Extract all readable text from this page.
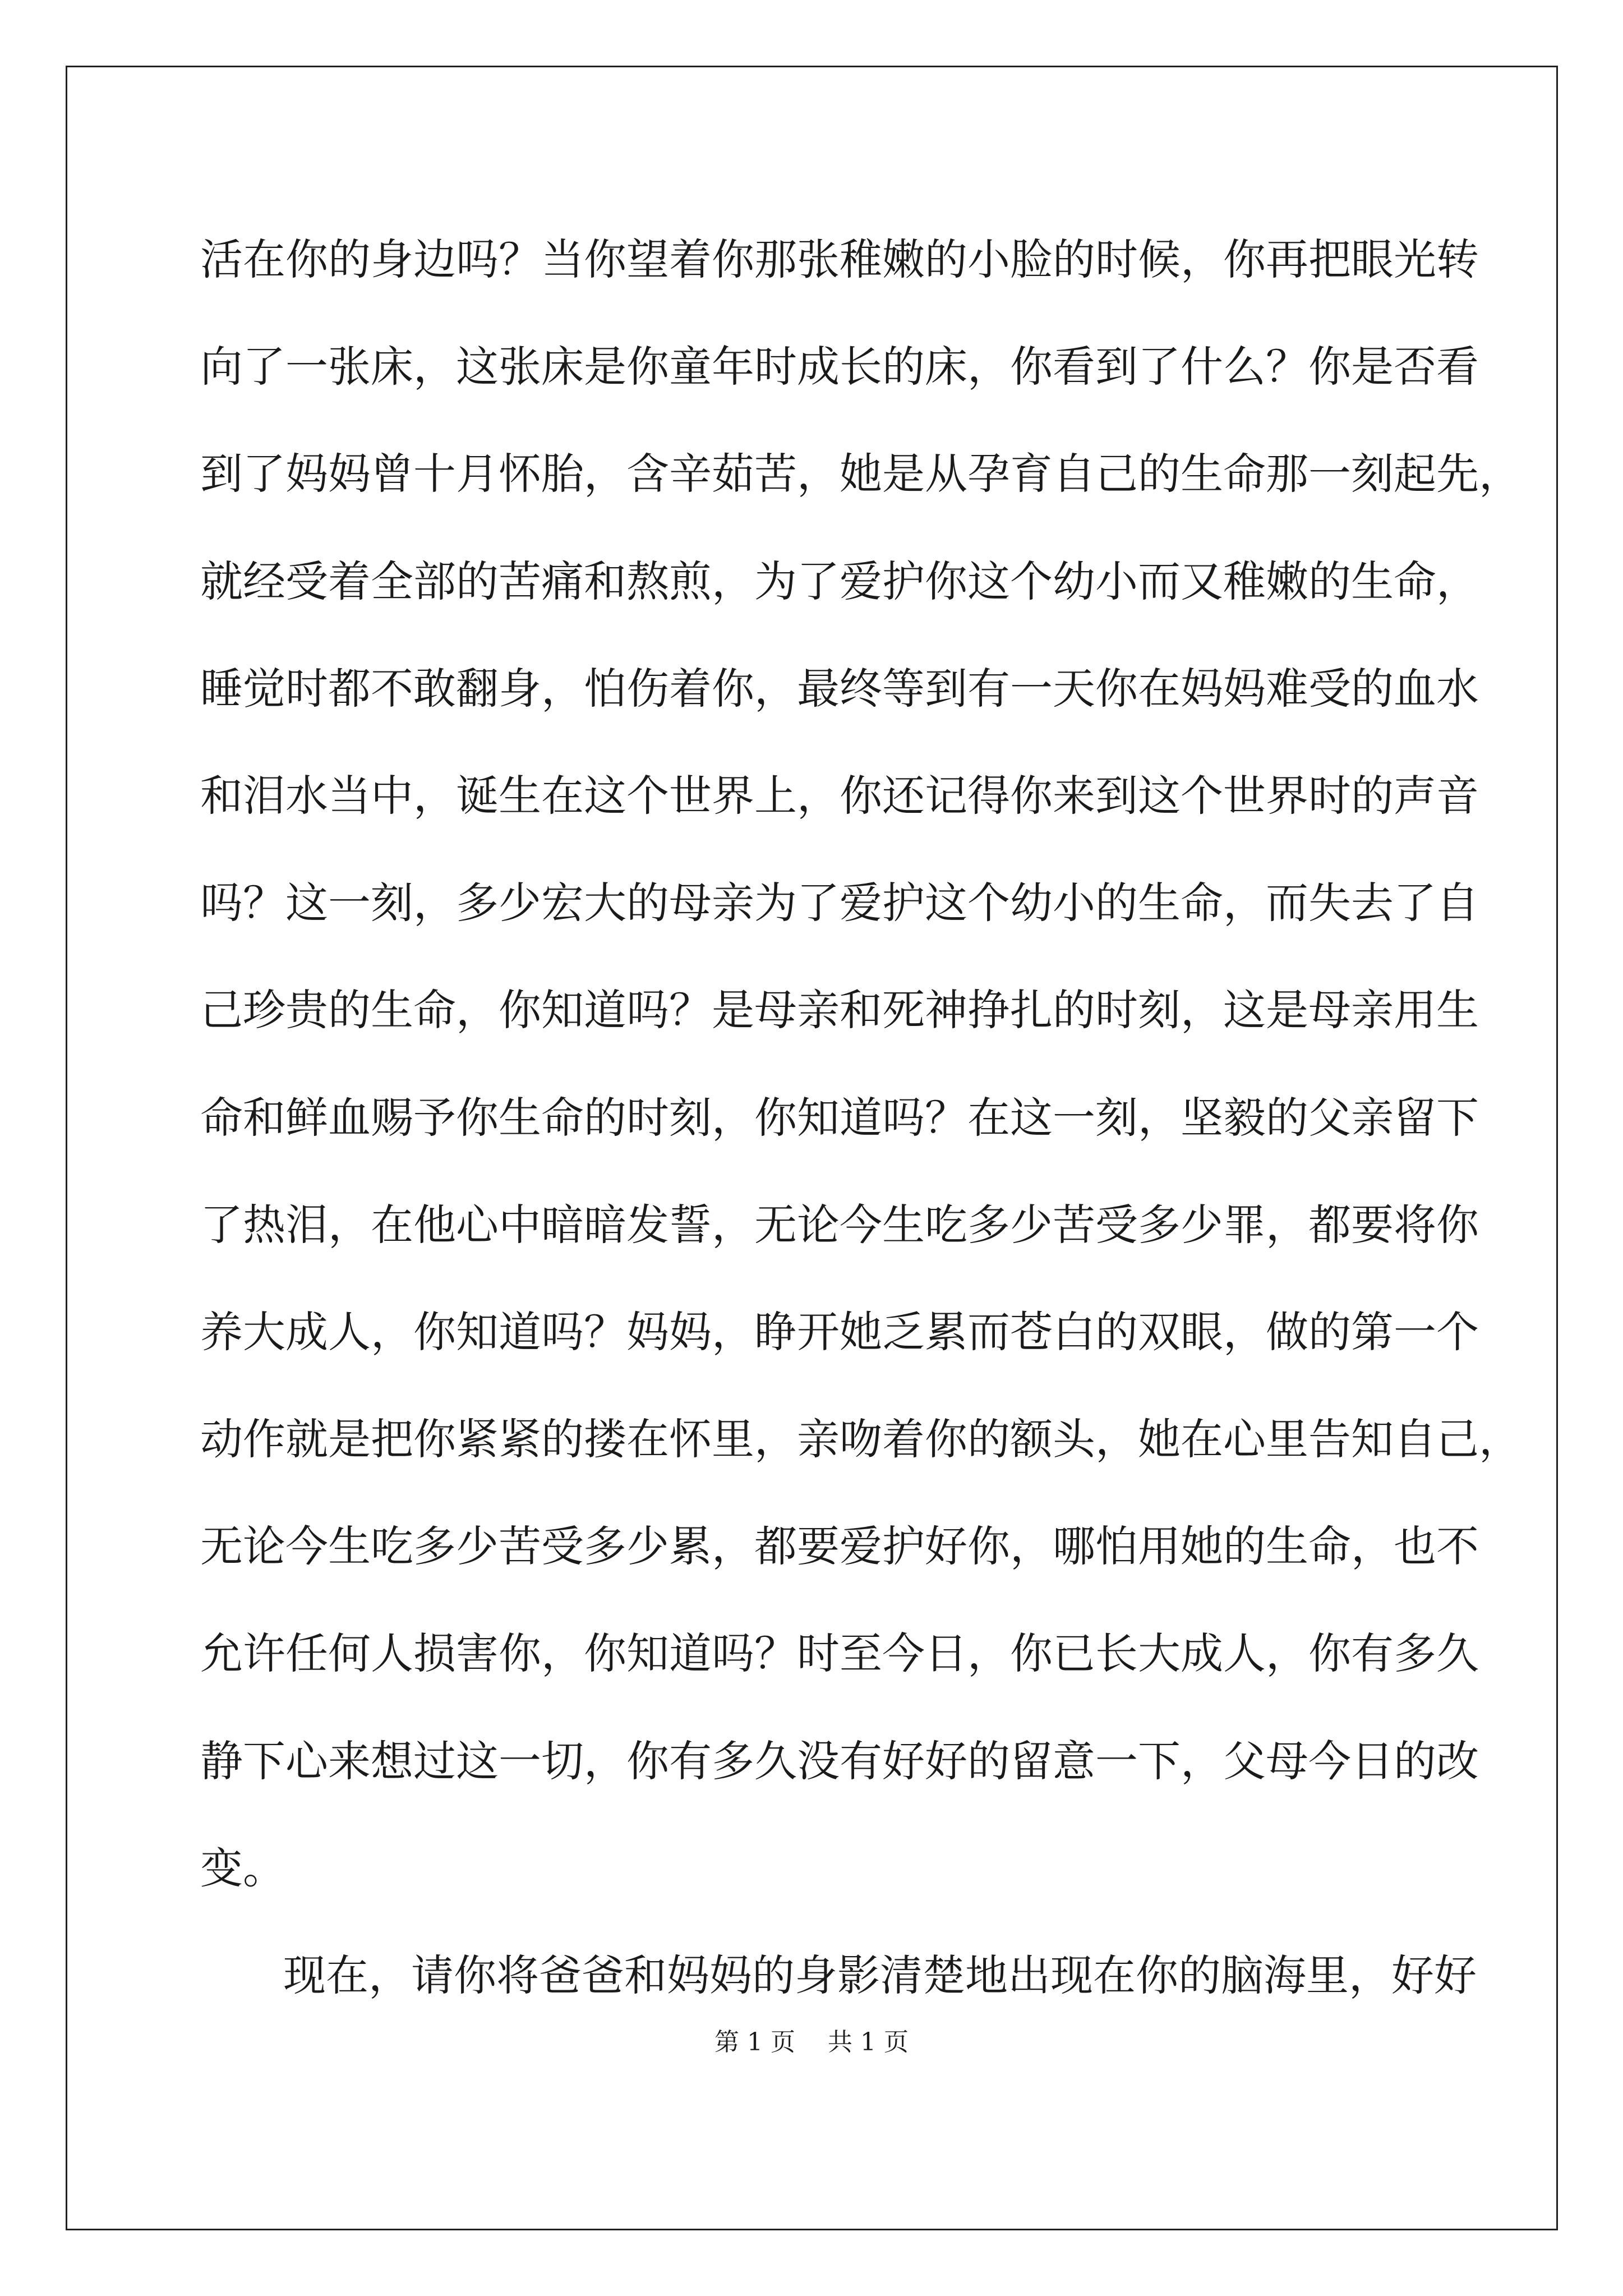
活在你的身边吗？当你望着你那张稚嫩的小脸的时候，你再把眼光转
向了一张床，这张床是你童年时成长的床，你看到了什么？你是否看
到了妈妈曾十月怀胎，含辛茹苦，她是从孕育自己的生命那一刻起先，
就经受着全部的苦痛和熬煎，为了爱护你这个幼小而又稚嫩的生命，
睡觉时都不敢翻身，怕伤着你，最终等到有一天你在妈妈难受的血水
和泪水当中，诞生在这个世界上，你还记得你来到这个世界时的声音
吗？这一刻，多少宏大的母亲为了爱护这个幼小的生命，而失去了自
己珍贵的生命，你知道吗？是母亲和死神挣扎的时刻，这是母亲用生
命和鲜血赐予你生命的时刻，你知道吗？在这一刻，坚毅的父亲留下
了热泪，在他心中暗暗发誓，无论今生吃多少苦受多少罪，都要将你
养大成人，你知道吗？妈妈，睁开她乏累而苍白的双眼，做的第一个
动作就是把你紧紧的搂在怀里，亲吻着你的额头，她在心里告知自己，
无论今生吃多少苦受多少累，都要爱护好你，哪怕用她的生命，也不
允许任何人损害你，你知道吗？时至今日，你已长大成人，你有多久
静下心来想过这一切，你有多久没有好好的留意一下，父母今日的改
变。
现在，请你将爸爸和妈妈的身影清楚地出现在你的脑海里，好好
第 1 页　 共 1 页
